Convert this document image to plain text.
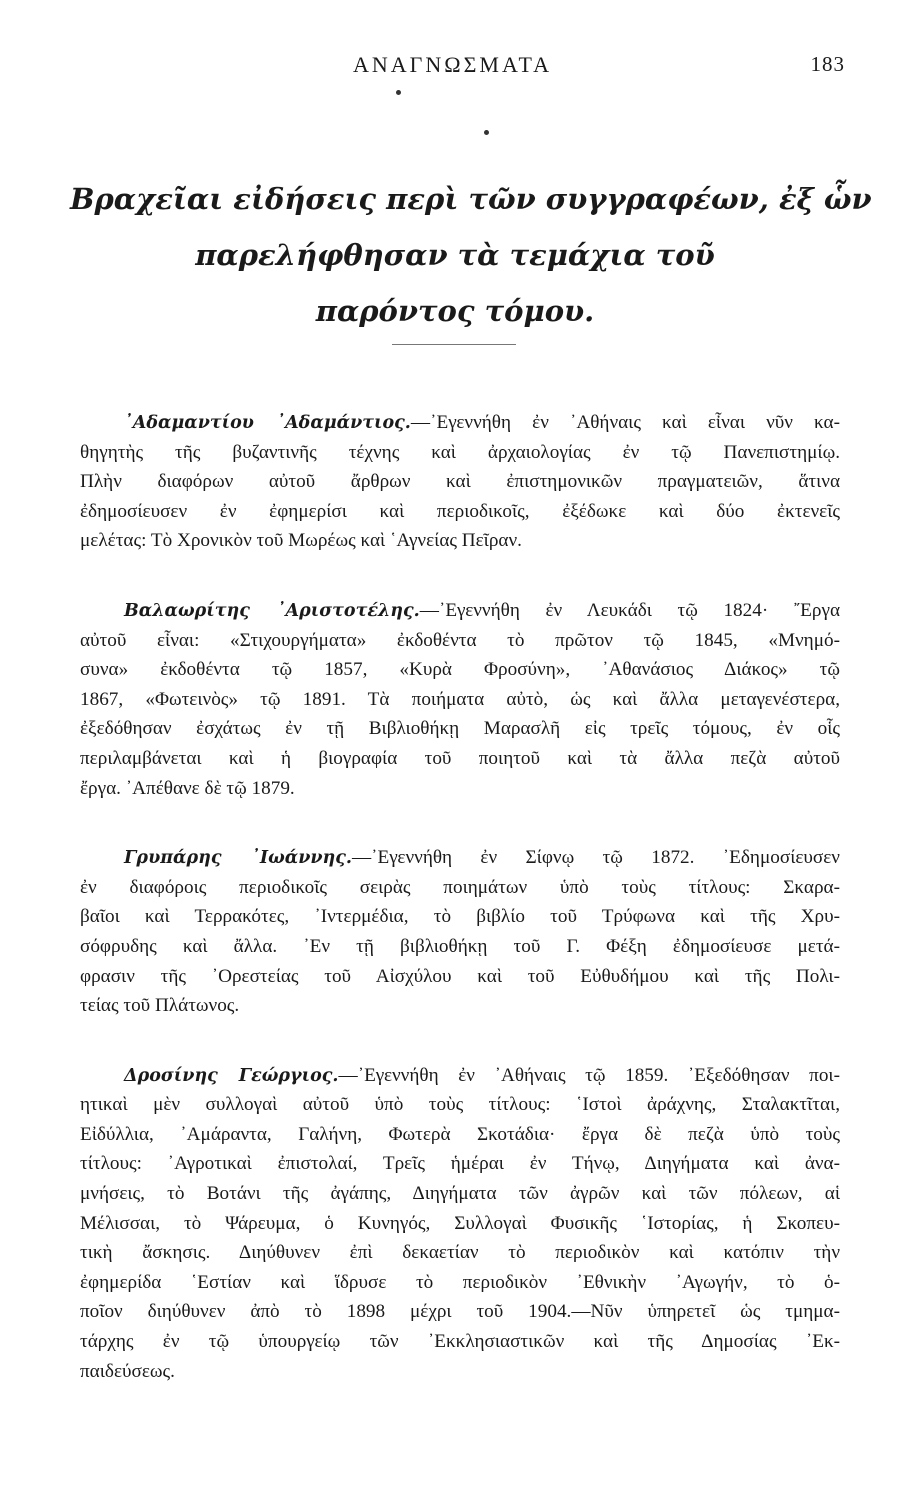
ΑΝΑΓΝΩΣΜΑΤΑ	183
Βραχεῖαι εἰδήσεις περὶ τῶν συγγραφέων, ἐξ ὧν
παρελήφθησαν τὰ τεμάχια τοῦ
παρόντος τόμου.
᾿Αδαμαντίου ᾿Αδαμάντιος.—᾿Εγεννήθη ἐν ᾿Αθήναις καὶ εἶναι νῦν κα-
θηγητὴς τῆς βυζαντινῆς τέχνης καὶ ἀρχαιολογίας ἐν τῷ Πανεπιστημίῳ.
Πλὴν διαφόρων αὐτοῦ ἄρθρων καὶ ἐπιστημονικῶν πραγματειῶν, ἅτινα
ἐδημοσίευσεν ἐν ἐφημερίσι καὶ περιοδικοῖς, ἐξέδωκε καὶ δύο ἐκτενεῖς
μελέτας: Τὸ Χρονικὸν τοῦ Μωρέως καὶ ῾Αγνείας Πεῖραν.
Βαλαωρίτης ᾿Αριστοτέλης.—᾿Εγεννήθη ἐν Λευκάδι τῷ 1824· ῎Εργα
αὐτοῦ εἶναι: «Στιχουργήματα» ἐκδοθέντα τὸ πρῶτον τῷ 1845, «Μνημό-
συνα» ἐκδοθέντα τῷ 1857, «Κυρὰ Φροσύνη», ᾿Αθανάσιος Διάκος» τῷ
1867, «Φωτεινὸς» τῷ 1891. Τὰ ποιήματα αὐτὸ, ὡς καὶ ἄλλα μεταγενέστερα,
ἐξεδόθησαν ἐσχάτως ἐν τῇ Βιβλιοθήκῃ Μαρασλῆ εἰς τρεῖς τόμους, ἐν οἷς
περιλαμβάνεται καὶ ἡ βιογραφία τοῦ ποιητοῦ καὶ τὰ ἄλλα πεζὰ αὐτοῦ
ἔργα. ᾿Απέθανε δὲ τῷ 1879.
Γρυπάρης ᾿Ιωάννης.—᾿Εγεννήθη ἐν Σίφνῳ τῷ 1872. ᾿Εδημοσίευσεν
ἐν διαφόροις περιοδικοῖς σειρὰς ποιημάτων ὑπὸ τοὺς τίτλους: Σκαρα-
βαῖοι καὶ Τερρακότες, ᾿Ιντερμέδια, τὸ βιβλίο τοῦ Τρύφωνα καὶ τῆς Χρυ-
σόφρυδης καὶ ἄλλα. ᾿Εν τῇ βιβλιοθήκῃ τοῦ Γ. Φέξη ἐδημοσίευσε μετά-
φρασιν τῆς ᾿Ορεστείας τοῦ Αἰσχύλου καὶ τοῦ Εὐθυδήμου καὶ τῆς Πολι-
τείας τοῦ Πλάτωνος.
Δροσίνης Γεώργιος.—᾿Εγεννήθη ἐν ᾿Αθήναις τῷ 1859. ᾿Εξεδόθησαν ποι-
ητικαὶ μὲν συλλογαὶ αὐτοῦ ὑπὸ τοὺς τίτλους: ῾Ιστοὶ ἀράχνης, Σταλακτῖται,
Εἰδύλλια, ᾿Αμάραντα, Γαλήνη, Φωτερὰ Σκοτάδια· ἔργα δὲ πεζὰ ὑπὸ τοὺς
τίτλους: ᾿Αγροτικαὶ ἐπιστολαί, Τρεῖς ἡμέραι ἐν Τήνῳ, Διηγήματα καὶ ἀνα-
μνήσεις, τὸ Βοτάνι τῆς ἀγάπης, Διηγήματα τῶν ἀγρῶν καὶ τῶν πόλεων, αἱ
Μέλισσαι, τὸ Ψάρευμα, ὁ Κυνηγός, Συλλογαὶ Φυσικῆς ῾Ιστορίας, ἡ Σκοπευ-
τικὴ ἄσκησις. Διηύθυνεν ἐπὶ δεκαετίαν τὸ περιοδικὸν καὶ κατόπιν τὴν
ἐφημερίδα ῾Εστίαν καὶ ἵδρυσε τὸ περιοδικὸν ᾿Εθνικὴν ᾿Αγωγήν, τὸ ὁ-
ποῖον διηύθυνεν ἀπὸ τὸ 1898 μέχρι τοῦ 1904.—Νῦν ὑπηρετεῖ ὡς τμημα-
τάρχης ἐν τῷ ὑπουργείῳ τῶν ᾿Εκκλησιαστικῶν καὶ τῆς Δημοσίας ᾿Εκ-
παιδεύσεως.
